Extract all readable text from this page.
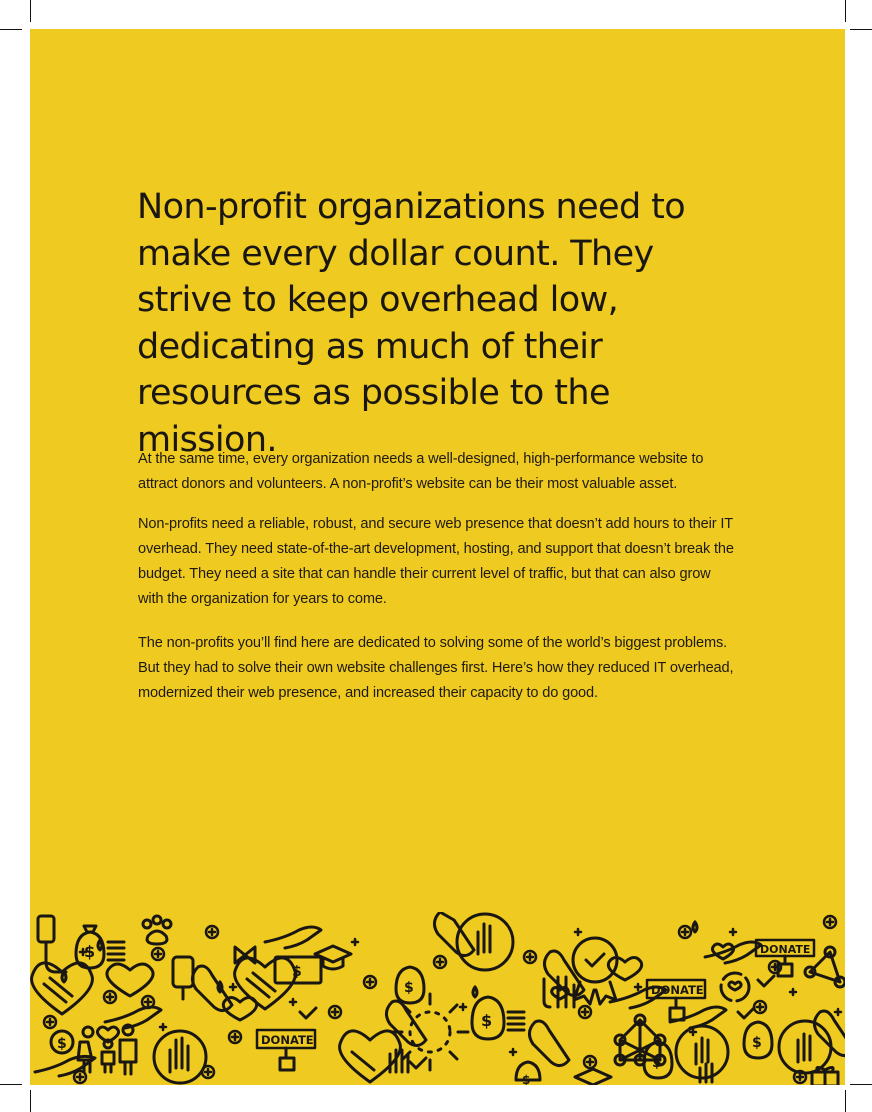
Non-profit organizations need to make every dollar count. They strive to keep overhead low, dedicating as much of their resources as possible to the mission.

At the same time, every organization needs a well-designed, high-performance website to attract donors and volunteers. A non-profit’s website can be their most valuable asset.

Non-profits need a reliable, robust, and secure web presence that doesn’t add hours to their IT overhead. They need state-of-the-art development, hosting, and support that doesn’t break the budget. They need a site that can handle their current level of traffic, but that can also grow with the organization for years to come.

The non-profits you’ll find here are dedicated to solving some of the world’s biggest problems. But they had to solve their own website challenges first. Here’s how they reduced IT overhead, modernized their web presence, and increased their capacity to do good.

$
$
$
$
$
$
$
$
DONATE
DONATE
DONATE
